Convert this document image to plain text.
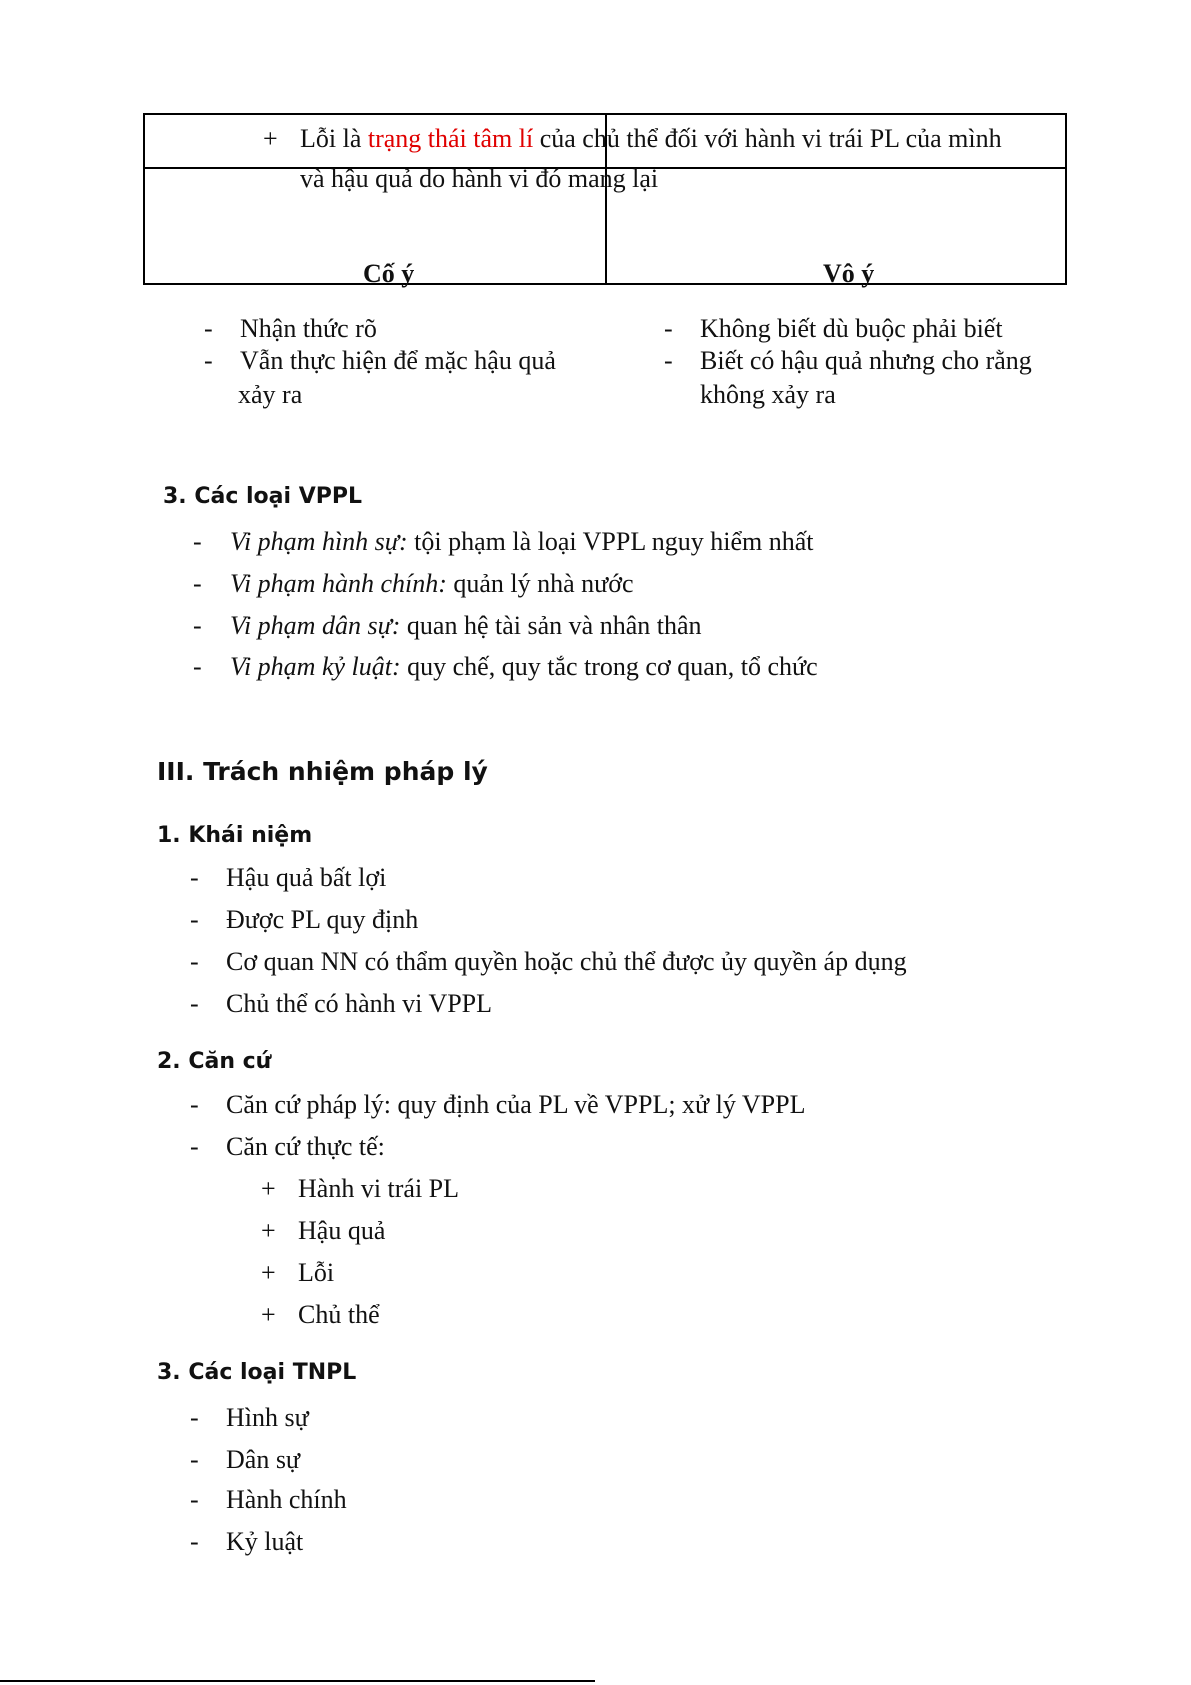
+ Lỗi là trạng thái tâm lí của chủ thể đối với hành vi trái PL của mình
và hậu quả do hành vi đó mang lại
Cố ý	Vô ý
- Nhận thức rõ
- Vẫn thực hiện để mặc hậu quả
xảy ra
- Không biết dù buộc phải biết
- Biết có hậu quả nhưng cho rằng
không xảy ra
3. Các loại VPPL
- Vi phạm hình sự: tội phạm là loại VPPL nguy hiểm nhất
- Vi phạm hành chính: quản lý nhà nước
- Vi phạm dân sự: quan hệ tài sản và nhân thân
- Vi phạm kỷ luật: quy chế, quy tắc trong cơ quan, tổ chức
III. Trách nhiệm pháp lý
1. Khái niệm
- Hậu quả bất lợi
- Được PL quy định
- Cơ quan NN có thẩm quyền hoặc chủ thể được ủy quyền áp dụng
- Chủ thể có hành vi VPPL
2. Căn cứ
- Căn cứ pháp lý: quy định của PL về VPPL; xử lý VPPL
- Căn cứ thực tế:
+ Hành vi trái PL
+ Hậu quả
+ Lỗi
+ Chủ thể
3. Các loại TNPL
- Hình sự
- Dân sự
- Hành chính
- Kỷ luật
